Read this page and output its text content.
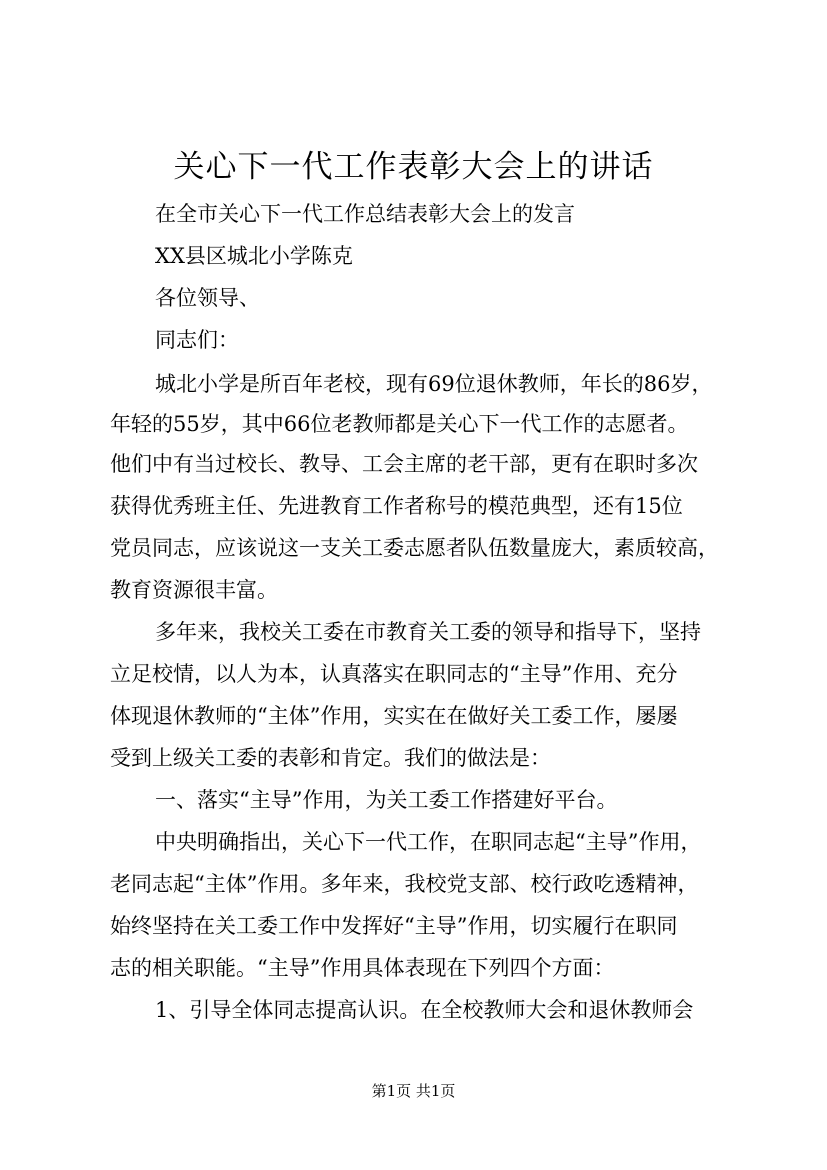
关心下一代工作表彰大会上的讲话
在全市关心下一代工作总结表彰大会上的发言
XX县区城北小学陈克
各位领导、
同志们：
城北小学是所百年老校，现有69位退休教师，年长的86岁，
年轻的55岁，其中66位老教师都是关心下一代工作的志愿者。
他们中有当过校长、教导、工会主席的老干部，更有在职时多次
获得优秀班主任、先进教育工作者称号的模范典型，还有15位
党员同志，应该说这一支关工委志愿者队伍数量庞大，素质较高，
教育资源很丰富。
多年来，我校关工委在市教育关工委的领导和指导下，坚持
立足校情，以人为本，认真落实在职同志的“主导”作用、充分
体现退休教师的“主体”作用，实实在在做好关工委工作，屡屡
受到上级关工委的表彰和肯定。我们的做法是：
一、落实“主导”作用，为关工委工作搭建好平台。
中央明确指出，关心下一代工作，在职同志起“主导”作用，
老同志起“主体”作用。多年来，我校党支部、校行政吃透精神，
始终坚持在关工委工作中发挥好“主导”作用，切实履行在职同
志的相关职能。“主导”作用具体表现在下列四个方面：
1、引导全体同志提高认识。在全校教师大会和退休教师会
第1页 共1页
